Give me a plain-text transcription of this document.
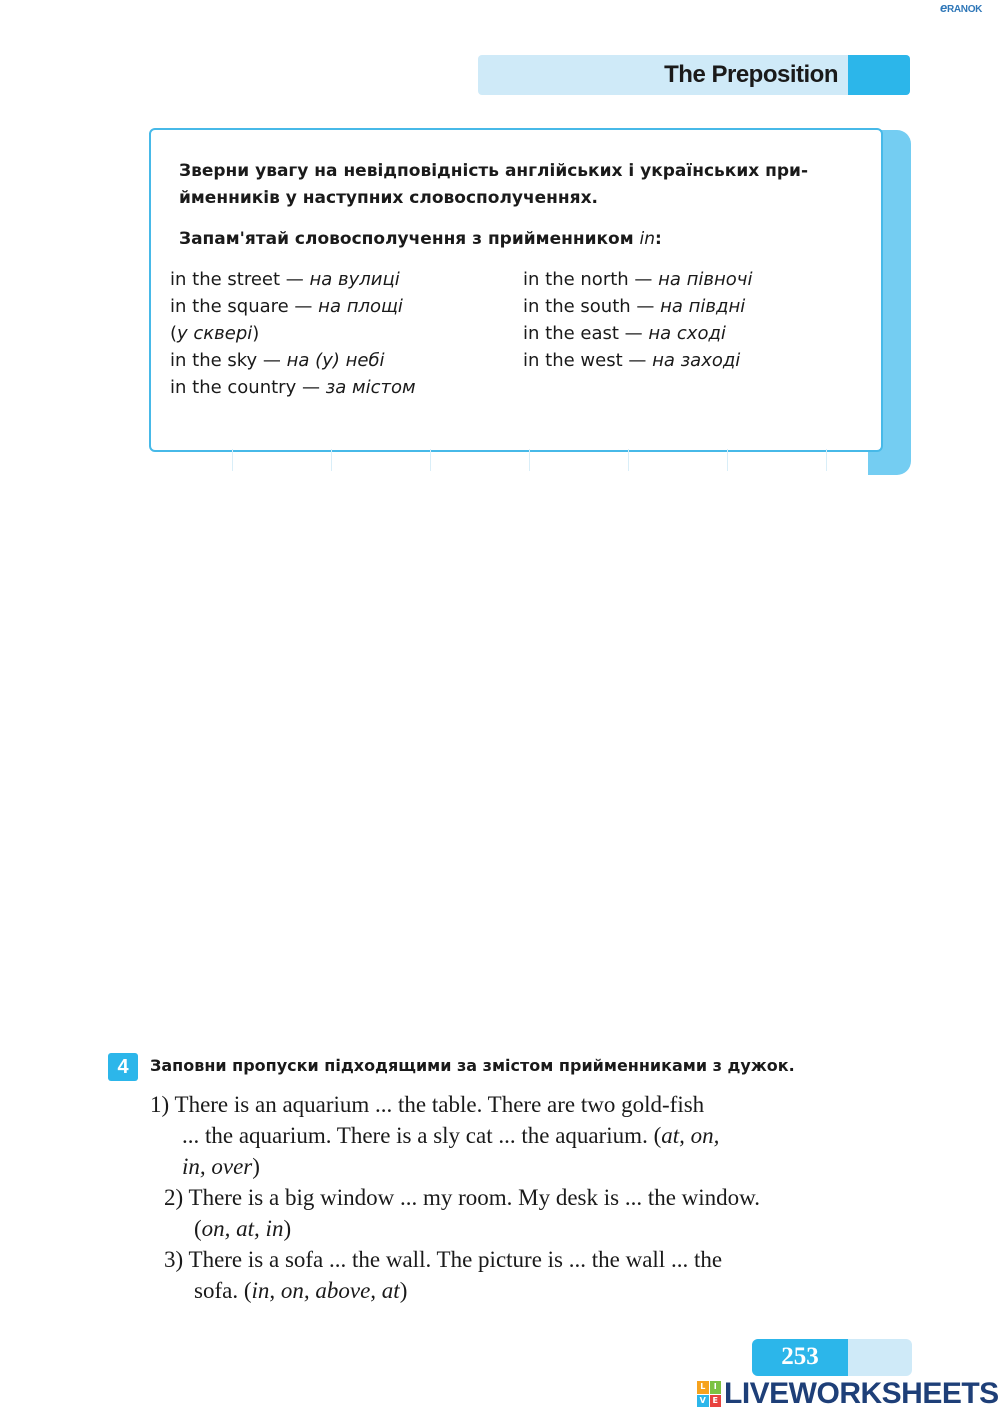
eRANOK
The Preposition

Зверни увагу на невідповідність англійських і українських при-йменників у наступних словосполученнях.

Запам'ятай словосполучення з прийменником in:

in the street — на вулиці
in the square — на площі
(у сквері)
in the sky — на (у) небі
in the country — за містом
in the north — на півночі
in the south — на півдні
in the east — на сході
in the west — на заході
4	Заповни пропуски підходящими за змістом прийменниками з дужок.

1) There is an aquarium ... the table. There are two gold-fish

... the aquarium. There is a sly cat ... the aquarium. (at, on,

in, over)

2) There is a big window ... my room. My desk is ... the window.

(on, at, in)

3) There is a sofa ... the wall. The picture is ... the wall ... the

sofa. (in, on, above, at)

253
L	I
V E LIVEWORKSHEETS
